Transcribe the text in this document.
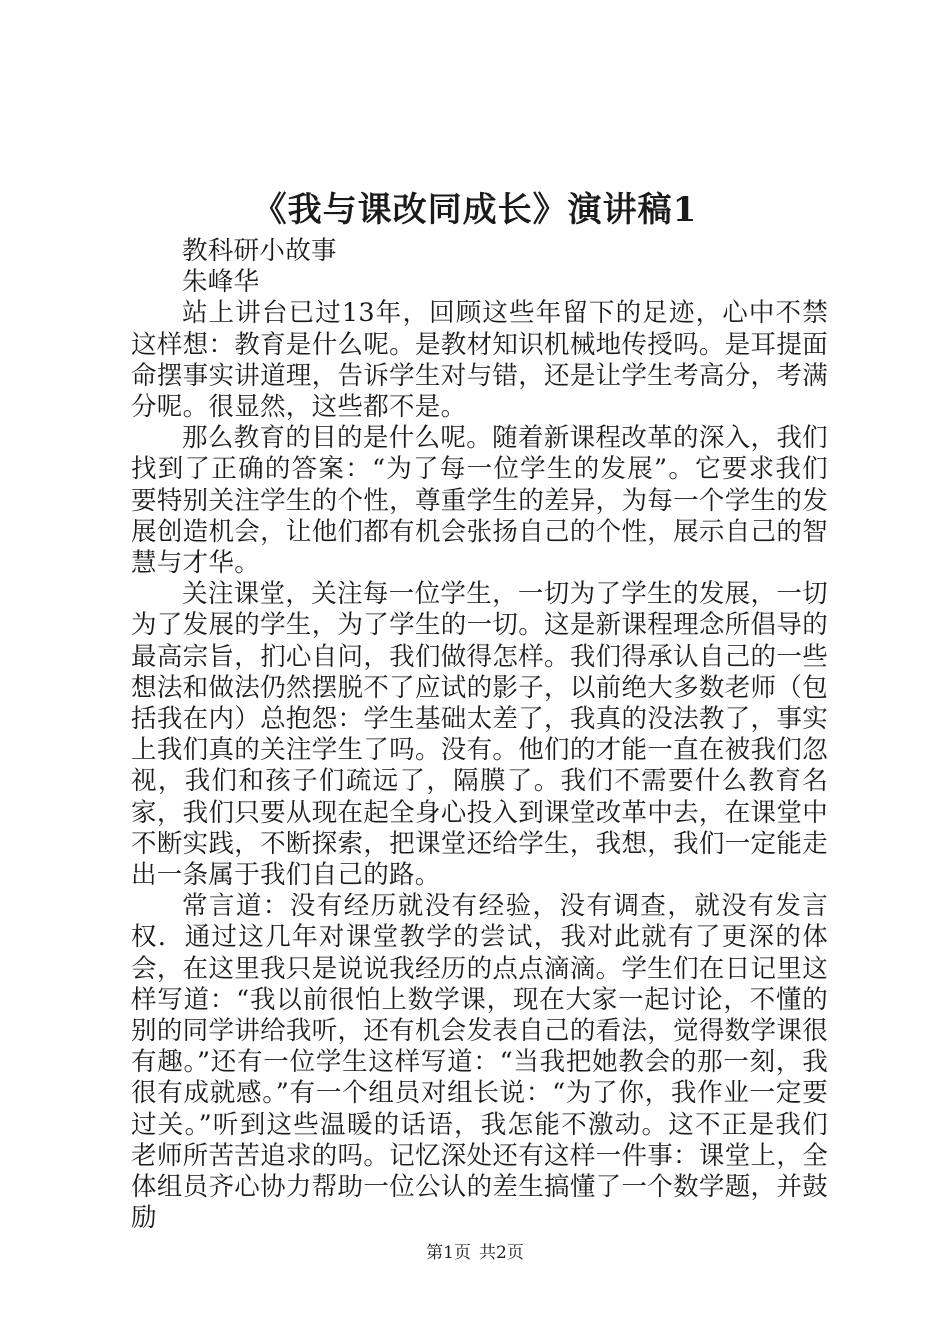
《我与课改同成长》演讲稿1

教科研小故事

朱峰华

站上讲台已过13年，回顾这些年留下的足迹，心中不禁这样想：教育是什么呢。是教材知识机械地传授吗。是耳提面命摆事实讲道理，告诉学生对与错，还是让学生考高分，考满分呢。很显然，这些都不是。

那么教育的目的是什么呢。随着新课程改革的深入，我们找到了正确的答案：“为了每一位学生的发展”。它要求我们要特别关注学生的个性，尊重学生的差异，为每一个学生的发展创造机会，让他们都有机会张扬自己的个性，展示自己的智慧与才华。

关注课堂，关注每一位学生，一切为了学生的发展，一切为了发展的学生，为了学生的一切。这是新课程理念所倡导的最高宗旨，扪心自问，我们做得怎样。我们得承认自己的一些想法和做法仍然摆脱不了应试的影子，以前绝大多数老师（包括我在内）总抱怨：学生基础太差了，我真的没法教了，事实上我们真的关注学生了吗。没有。他们的才能一直在被我们忽视，我们和孩子们疏远了，隔膜了。我们不需要什么教育名家，我们只要从现在起全身心投入到课堂改革中去，在课堂中不断实践，不断探索，把课堂还给学生，我想，我们一定能走出一条属于我们自己的路。

常言道：没有经历就没有经验，没有调查，就没有发言权．通过这几年对课堂教学的尝试，我对此就有了更深的体会，在这里我只是说说我经历的点点滴滴。学生们在日记里这样写道：“我以前很怕上数学课，现在大家一起讨论，不懂的别的同学讲给我听，还有机会发表自己的看法，觉得数学课很有趣。”还有一位学生这样写道：“当我把她教会的那一刻，我很有成就感。”有一个组员对组长说：“为了你，我作业一定要过关。”听到这些温暖的话语，我怎能不激动。这不正是我们老师所苦苦追求的吗。记忆深处还有这样一件事：课堂上，全体组员齐心协力帮助一位公认的差生搞懂了一个数学题，并鼓励

第1页 共2页
